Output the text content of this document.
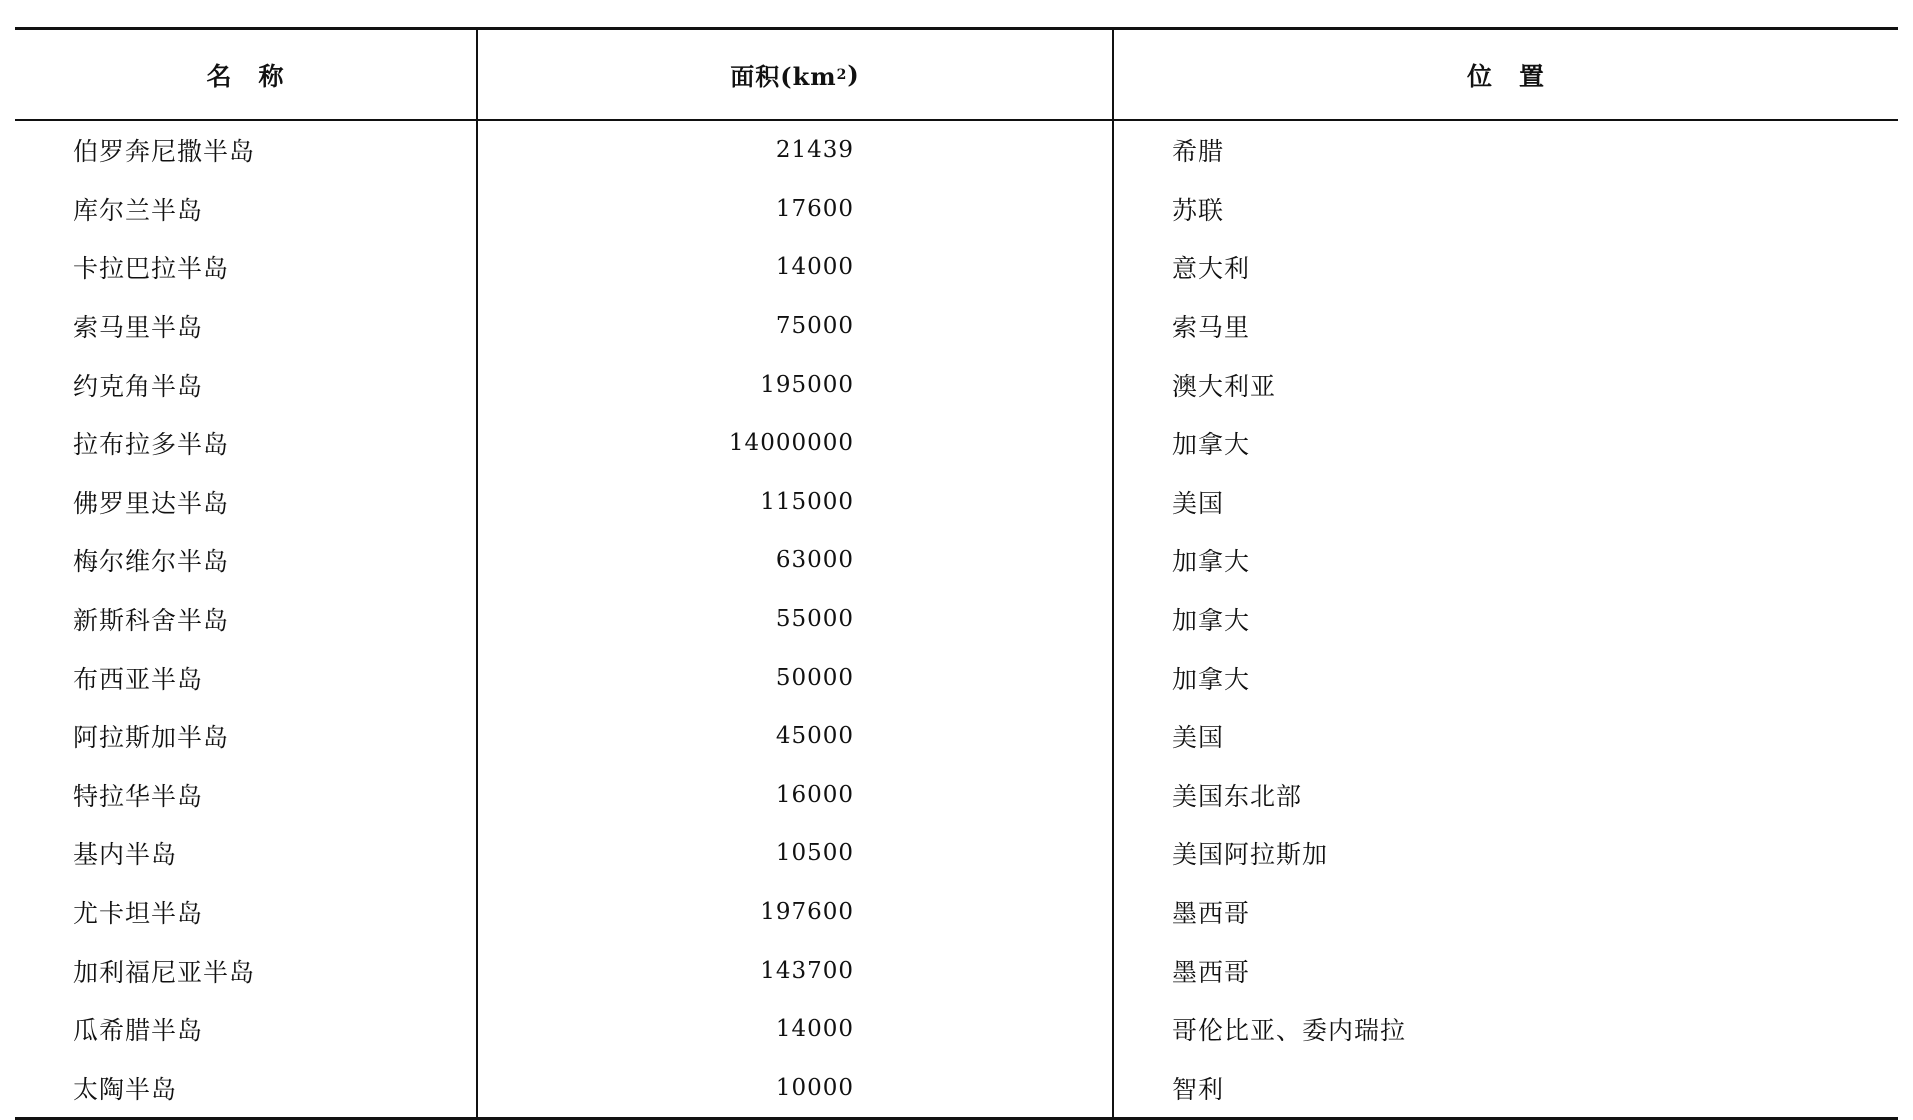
名　称	面积(km 2 )	位　置
伯罗奔尼撒半岛	21439	希腊
库尔兰半岛	17600	苏联
卡拉巴拉半岛	14000	意大利
索马里半岛	75000	索马里
约克角半岛	195000	澳大利亚
拉布拉多半岛	14000000	加拿大
佛罗里达半岛	115000	美国
梅尔维尔半岛	63000	加拿大
新斯科舍半岛	55000	加拿大
布西亚半岛	50000	加拿大
阿拉斯加半岛	45000	美国
特拉华半岛	16000	美国东北部
基内半岛	10500	美国阿拉斯加
尤卡坦半岛	197600	墨西哥
加利福尼亚半岛	143700	墨西哥
瓜希腊半岛	14000	哥伦比亚、委内瑞拉
太陶半岛	10000	智利
